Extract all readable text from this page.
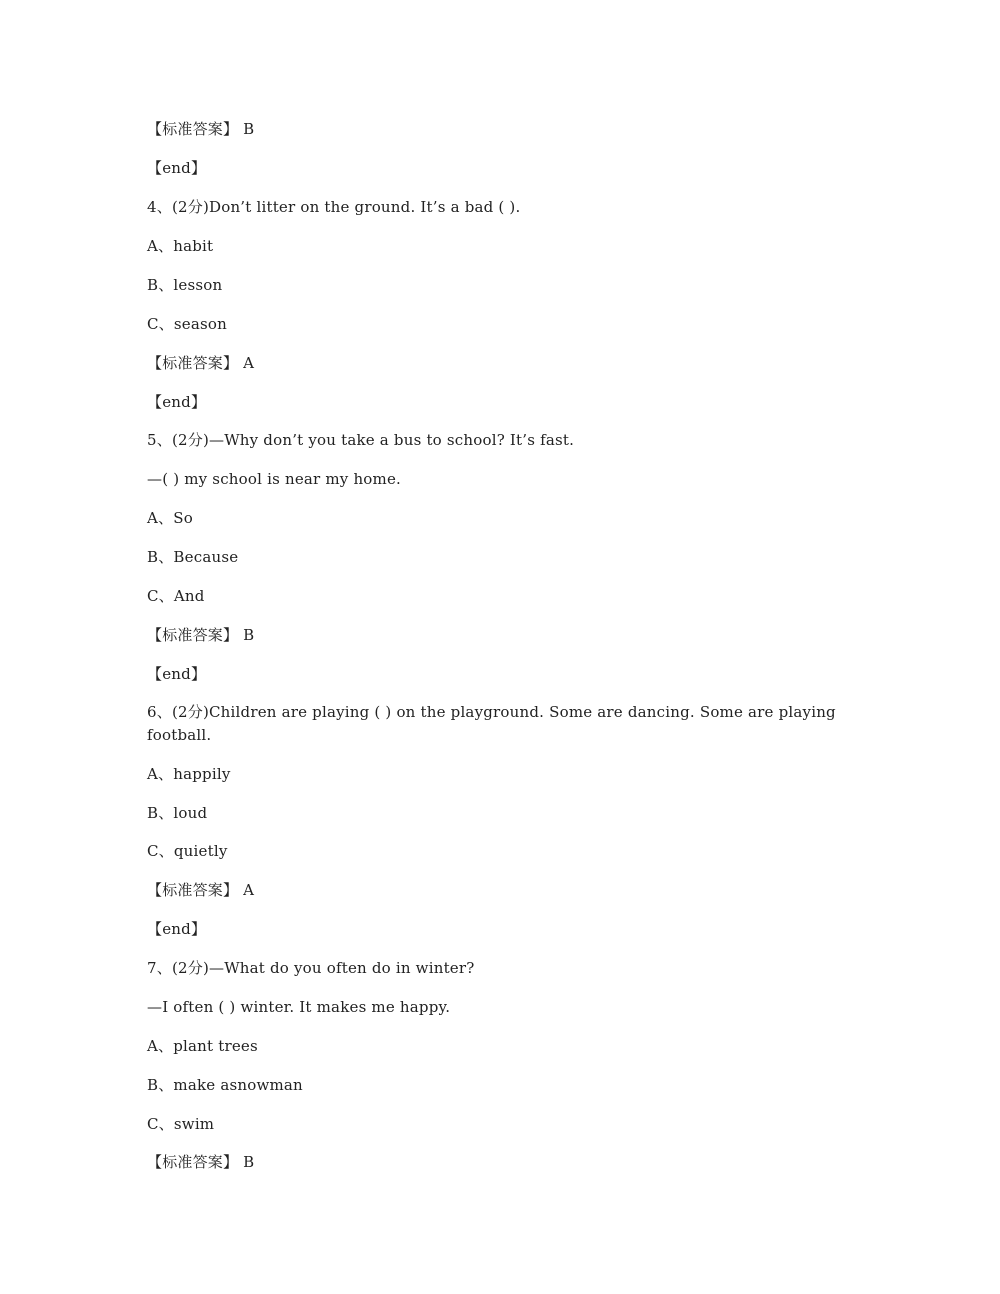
【标准答案】 B
【end】
4、(2分)Don’t litter on the ground. It’s a bad ( ).
A、habit
B、lesson
C、season
【标准答案】 A
【end】
5、(2分)—Why don’t you take a bus to school? It’s fast.
—( ) my school is near my home.
A、So
B、Because
C、And
【标准答案】 B
【end】
6、(2分)Children are playing ( ) on the playground. Some are dancing. Some are playing football.
A、happily
B、loud
C、quietly
【标准答案】 A
【end】
7、(2分)—What do you often do in winter?
—I often ( ) winter. It makes me happy.
A、plant trees
B、make asnowman
C、swim
【标准答案】 B
